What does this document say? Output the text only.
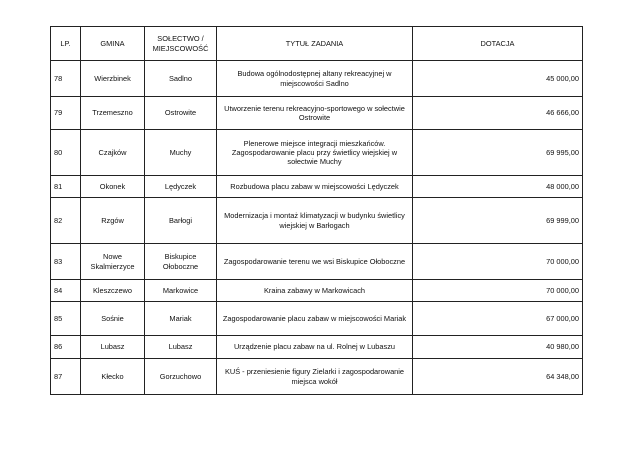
LP.	GMINA	SOŁECTWO / MIEJSCOWOŚĆ	TYTUŁ ZADANIA	DOTACJA
78	Wierzbinek	Sadlno	Budowa ogólnodostępnej altany rekreacyjnej w miejscowości Sadlno	45 000,00
79	Trzemeszno	Ostrowite	Utworzenie terenu rekreacyjno-sportowego w sołectwie Ostrowite	46 666,00
80	Czajków	Muchy	Plenerowe miejsce integracji mieszkańców. Zagospodarowanie placu przy świetlicy wiejskiej w sołectwie Muchy	69 995,00
81	Okonek	Lędyczek	Rozbudowa placu zabaw w miejscowości Lędyczek	48 000,00
82	Rzgów	Barłogi	Modernizacja i montaż klimatyzacji w budynku świetlicy wiejskiej w Barłogach	69 999,00
83	Nowe Skalmierzyce	Biskupice Ołoboczne	Zagospodarowanie terenu we wsi Biskupice Ołoboczne	70 000,00
84	Kleszczewo	Markowice	Kraina zabawy w Markowicach	70 000,00
85	Sośnie	Mariak	Zagospodarowanie placu zabaw w miejscowości Mariak	67 000,00
86	Lubasz	Lubasz	Urządzenie placu zabaw na ul. Rolnej w Lubaszu	40 980,00
87	Kłecko	Gorzuchowo	KUŚ - przeniesienie figury Zielarki i zagospodarowanie miejsca wokół	64 348,00
